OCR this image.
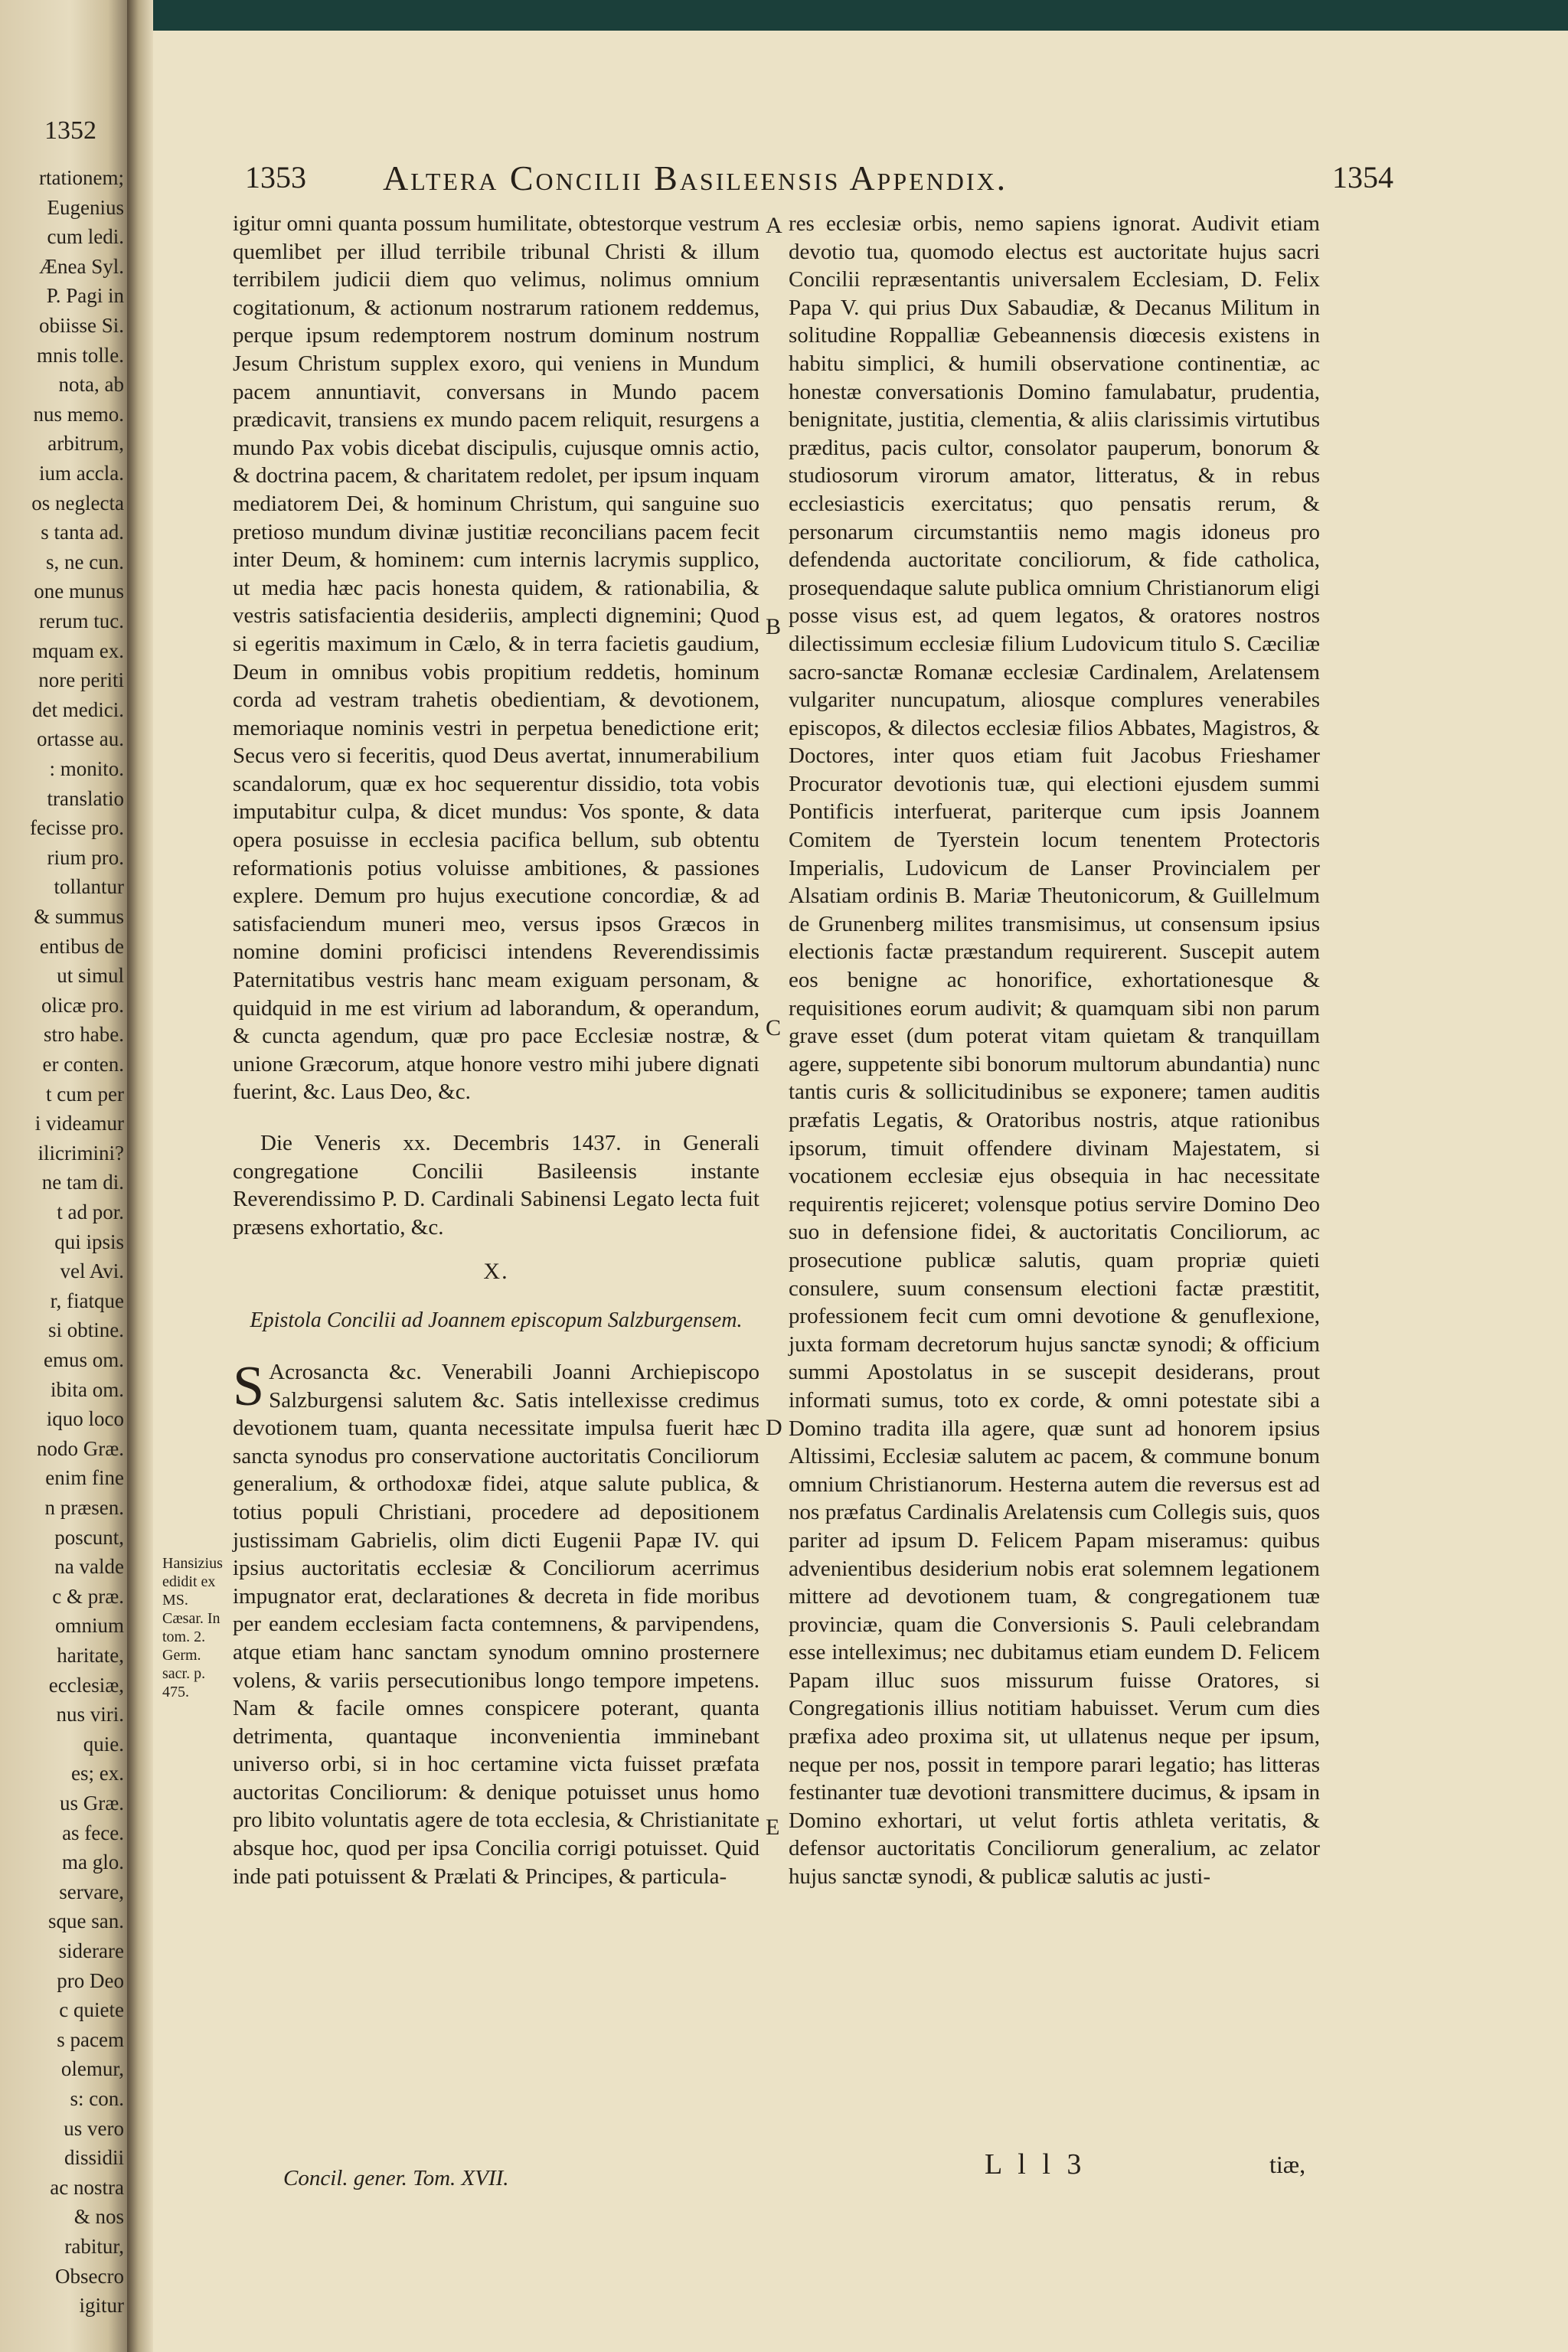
1352
rtationem;
Eugenius
cum ledi.
Ænea Syl.
P. Pagi in
obiisse Si.
mnis tolle.
nota, ab
nus memo.
arbitrum,
ium accla.
os neglecta
s tanta ad.
s, ne cun.
one munus
rerum tuc.
mquam ex.
nore periti
det medici.
ortasse au.
: monito.
translatio
fecisse pro.
rium pro.
tollantur
& summus
entibus de
ut simul
olicæ pro.
stro habe.
er conten.
t cum per
i videamur
ilicrimini?
ne tam di.
t ad por.
qui ipsis
vel Avi.
r, fiatque
si obtine.
emus om.
ibita om.
iquo loco
nodo Græ.
enim fine
n præsen.
poscunt,
na valde
c & præ.
omnium
haritate,
ecclesiæ,
nus viri.
quie.
es; ex.
us Græ.
as fece.
ma glo.
servare,
sque san.
siderare
pro Deo
c quiete
s pacem
olemur,
s: con.
us vero
dissidii
ac nostra
& nos
rabitur,
Obsecro
igitur
1353 Altera Concilii Basileensis Appendix.	1354

igitur omni quanta possum humilitate, obtestorque vestrum quemlibet per illud terribile tribunal Christi & illum terribilem judicii diem quo velimus, nolimus omnium cogitationum, & actionum nostrarum rationem reddemus, perque ipsum redemptorem nostrum dominum nostrum Jesum Christum supplex exoro, qui veniens in Mundum pacem annuntiavit, conversans in Mundo pacem prædicavit, transiens ex mundo pacem reliquit, resurgens a mundo Pax vobis dicebat discipulis, cujusque omnis actio, & doctrina pacem, & charitatem redolet, per ipsum inquam mediatorem Dei, & hominum Christum, qui sanguine suo pretioso mundum divinæ justitiæ reconcilians pacem fecit inter Deum, & hominem: cum internis lacrymis supplico, ut media hæc pacis honesta quidem, & rationabilia, & vestris satisfacientia desideriis, amplecti dignemini; Quod si egeritis maximum in Cælo, & in terra facietis gaudium, Deum in omnibus vobis propitium reddetis, hominum corda ad vestram trahetis obedientiam, & devotionem, memoriaque nominis vestri in perpetua benedictione erit; Secus vero si feceritis, quod Deus avertat, innumerabilium scandalorum, quæ ex hoc sequerentur dissidio, tota vobis imputabitur culpa, & dicet mundus: Vos sponte, & data opera posuisse in ecclesia pacifica bellum, sub obtentu reformationis potius voluisse ambitiones, & passiones explere. Demum pro hujus executione concordiæ, & ad satisfaciendum muneri meo, versus ipsos Græcos in nomine domini proficisci intendens Reverendissimis Paternitatibus vestris hanc meam exiguam personam, & quidquid in me est virium ad laborandum, & operandum, & cuncta agendum, quæ pro pace Ecclesiæ nostræ, & unione Græcorum, atque honore vestro mihi jubere dignati fuerint, &c. Laus Deo, &c.

Die Veneris xx. Decembris 1437. in Generali congregatione Concilii Basileensis instante Reverendissimo P. D. Cardinali Sabinensi Legato lecta fuit præsens exhortatio, &c.

X.
Epistola Concilii ad Joannem episcopum Salzburgensem.

S Acrosancta &c. Venerabili Joanni Archiepiscopo Salzburgensi salutem &c. Satis intellexisse credimus devotionem tuam, quanta necessitate impulsa fuerit hæc sancta synodus pro conservatione auctoritatis Conciliorum generalium, & orthodoxæ fidei, atque salute publica, & totius populi Christiani, procedere ad depositionem justissimam Gabrielis, olim dicti Eugenii Papæ IV. qui ipsius auctoritatis ecclesiæ & Conciliorum acerrimus impugnator erat, declarationes & decreta in fide moribus per eandem ecclesiam facta contemnens, & parvipendens, atque etiam hanc sanctam synodum omnino prosternere volens, & variis persecutionibus longo tempore impetens. Nam & facile omnes conspicere poterant, quanta detrimenta, quantaque inconvenientia imminebant universo orbi, si in hoc certamine victa fuisset præfata auctoritas Conciliorum: & denique potuisset unus homo pro libito voluntatis agere de tota ecclesia, & Christianitate absque hoc, quod per ipsa Concilia corrigi potuisset. Quid inde pati potuissent & Prælati & Principes, & particula-

A
B
C
D
E

res ecclesiæ orbis, nemo sapiens ignorat. Audivit etiam devotio tua, quomodo electus est auctoritate hujus sacri Concilii repræsentantis universalem Ecclesiam, D. Felix Papa V. qui prius Dux Sabaudiæ, & Decanus Militum in solitudine Roppalliæ Gebeannensis diœcesis existens in habitu simplici, & humili observatione continentiæ, ac honestæ conversationis Domino famulabatur, prudentia, benignitate, justitia, clementia, & aliis clarissimis virtutibus præditus, pacis cultor, consolator pauperum, bonorum & studiosorum virorum amator, litteratus, & in rebus ecclesiasticis exercitatus; quo pensatis rerum, & personarum circumstantiis nemo magis idoneus pro defendenda auctoritate conciliorum, & fide catholica, prosequendaque salute publica omnium Christianorum eligi posse visus est, ad quem legatos, & oratores nostros dilectissimum ecclesiæ filium Ludovicum titulo S. Cæciliæ sacro-sanctæ Romanæ ecclesiæ Cardinalem, Arelatensem vulgariter nuncupatum, aliosque complures venerabiles episcopos, & dilectos ecclesiæ filios Abbates, Magistros, & Doctores, inter quos etiam fuit Jacobus Frieshamer Procurator devotionis tuæ, qui electioni ejusdem summi Pontificis interfuerat, pariterque cum ipsis Joannem Comitem de Tyerstein locum tenentem Protectoris Imperialis, Ludovicum de Lanser Provincialem per Alsatiam ordinis B. Mariæ Theutonicorum, & Guillelmum de Grunenberg milites transmisimus, ut consensum ipsius electionis factæ præstandum requirerent. Suscepit autem eos benigne ac honorifice, exhortationesque & requisitiones eorum audivit; & quamquam sibi non parum grave esset (dum poterat vitam quietam & tranquillam agere, suppetente sibi bonorum multorum abundantia) nunc tantis curis & sollicitudinibus se exponere; tamen auditis præfatis Legatis, & Oratoribus nostris, atque rationibus ipsorum, timuit offendere divinam Majestatem, si vocationem ecclesiæ ejus obsequia in hac necessitate requirentis rejiceret; volensque potius servire Domino Deo suo in defensione fidei, & auctoritatis Conciliorum, ac prosecutione publicæ salutis, quam propriæ quieti consulere, suum consensum electioni factæ præstitit, professionem fecit cum omni devotione & genuflexione, juxta formam decretorum hujus sanctæ synodi; & officium summi Apostolatus in se suscepit desiderans, prout informati sumus, toto ex corde, & omni potestate sibi a Domino tradita illa agere, quæ sunt ad honorem ipsius Altissimi, Ecclesiæ salutem ac pacem, & commune bonum omnium Christianorum. Hesterna autem die reversus est ad nos præfatus Cardinalis Arelatensis cum Collegis suis, quos pariter ad ipsum D. Felicem Papam miseramus: quibus advenientibus desiderium nobis erat solemnem legationem mittere ad devotionem tuam, & congregationem tuæ provinciæ, quam die Conversionis S. Pauli celebrandam esse intelleximus; nec dubitamus etiam eundem D. Felicem Papam illuc suos missurum fuisse Oratores, si Congregationis illius notitiam habuisset. Verum cum dies præfixa adeo proxima sit, ut ullatenus neque per ipsum, neque per nos, possit in tempore parari legatio; has litteras festinanter tuæ devotioni transmittere ducimus, & ipsam in Domino exhortari, ut velut fortis athleta veritatis, & defensor auctoritatis Conciliorum generalium, ac zelator hujus sanctæ synodi, & publicæ salutis ac justi-

Hansizius edidit ex MS. Cæsar. In tom. 2. Germ. sacr. p. 475.
Concil. gener. Tom. XVII.	L l l 3	tiæ,
